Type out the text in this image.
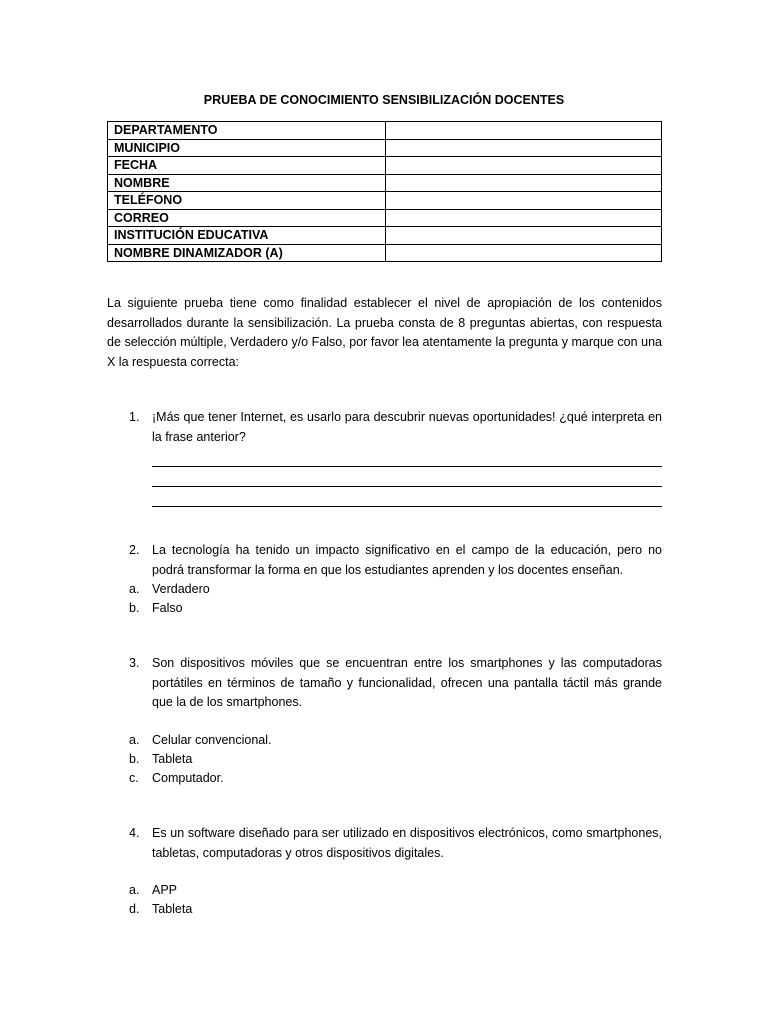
PRUEBA DE CONOCIMIENTO SENSIBILIZACIÓN DOCENTES
DEPARTAMENTO	
MUNICIPIO	
FECHA	
NOMBRE	
TELÉFONO	
CORREO	
INSTITUCIÓN EDUCATIVA	
NOMBRE DINAMIZADOR (A)	
La siguiente prueba tiene como finalidad establecer el nivel de apropiación de los contenidos desarrollados durante la sensibilización. La prueba consta de 8 preguntas abiertas, con respuesta de selección múltiple, Verdadero y/o Falso, por favor lea atentamente la pregunta y marque con una X la respuesta correcta:
1. ¡Más que tener Internet, es usarlo para descubrir nuevas oportunidades! ¿qué interpreta en la frase anterior?
2. La tecnología ha tenido un impacto significativo en el campo de la educación, pero no podrá transformar la forma en que los estudiantes aprenden y los docentes enseñan.
a. Verdadero
b. Falso
3. Son dispositivos móviles que se encuentran entre los smartphones y las computadoras portátiles en términos de tamaño y funcionalidad, ofrecen una pantalla táctil más grande que la de los smartphones.
a. Celular convencional.
b. Tableta
c. Computador.
4. Es un software diseñado para ser utilizado en dispositivos electrónicos, como smartphones, tabletas, computadoras y otros dispositivos digitales.
a. APP
d. Tableta
